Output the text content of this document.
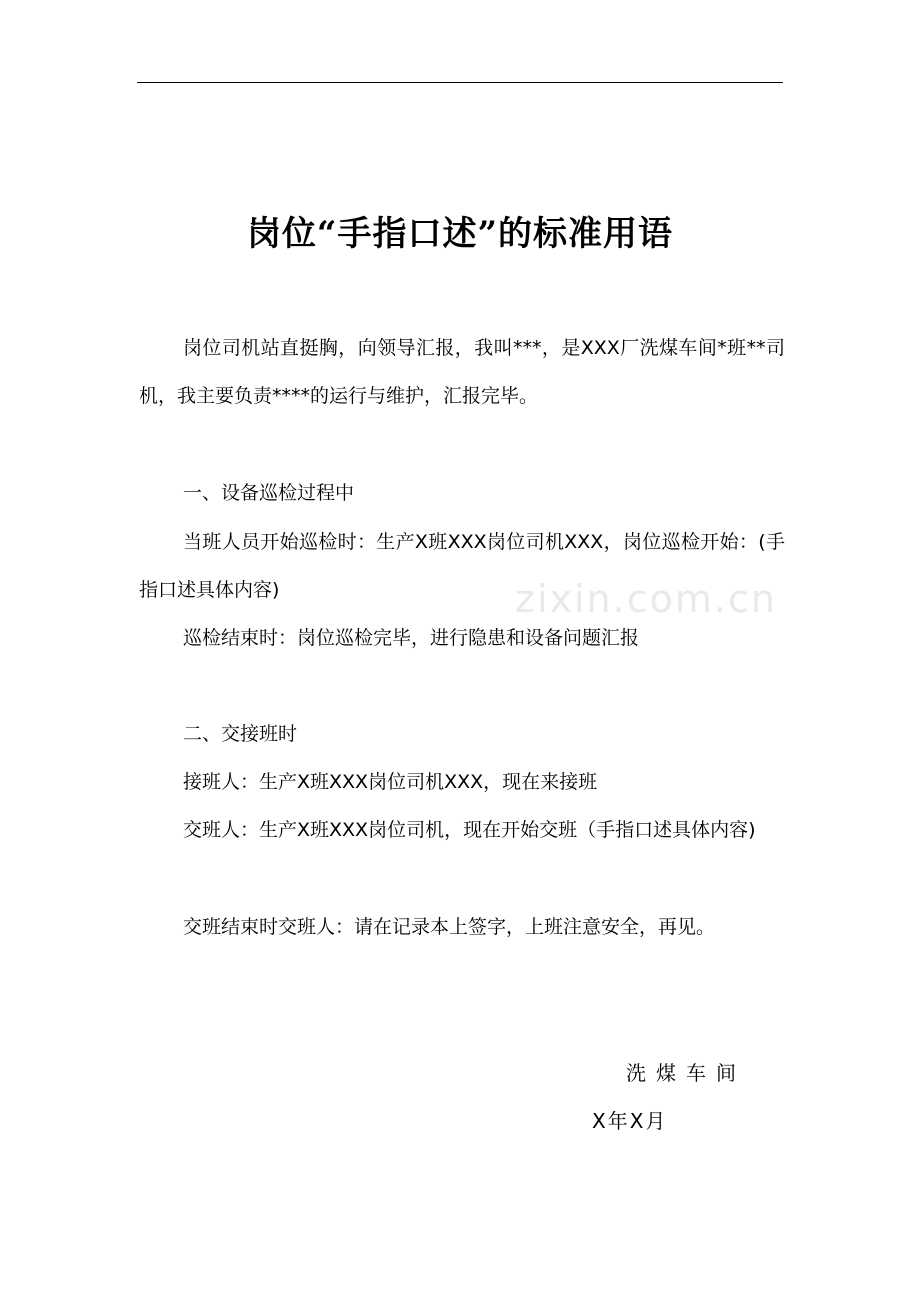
zixin.com.cn
岗位“手指口述”的标准用语

岗位司机站直挺胸，向领导汇报，我叫***，是XXX厂洗煤车间*班**司机，我主要负责****的运行与维护，汇报完毕。

一、设备巡检过程中

当班人员开始巡检时：生产X班XXX岗位司机XXX，岗位巡检开始：(手指口述具体内容)

巡检结束时：岗位巡检完毕，进行隐患和设备问题汇报

二、交接班时

接班人：生产X班XXX岗位司机XXX，现在来接班

交班人：生产X班XXX岗位司机，现在开始交班（手指口述具体内容)

交班结束时交班人：请在记录本上签字，上班注意安全，再见。

洗煤车间
X年X月
